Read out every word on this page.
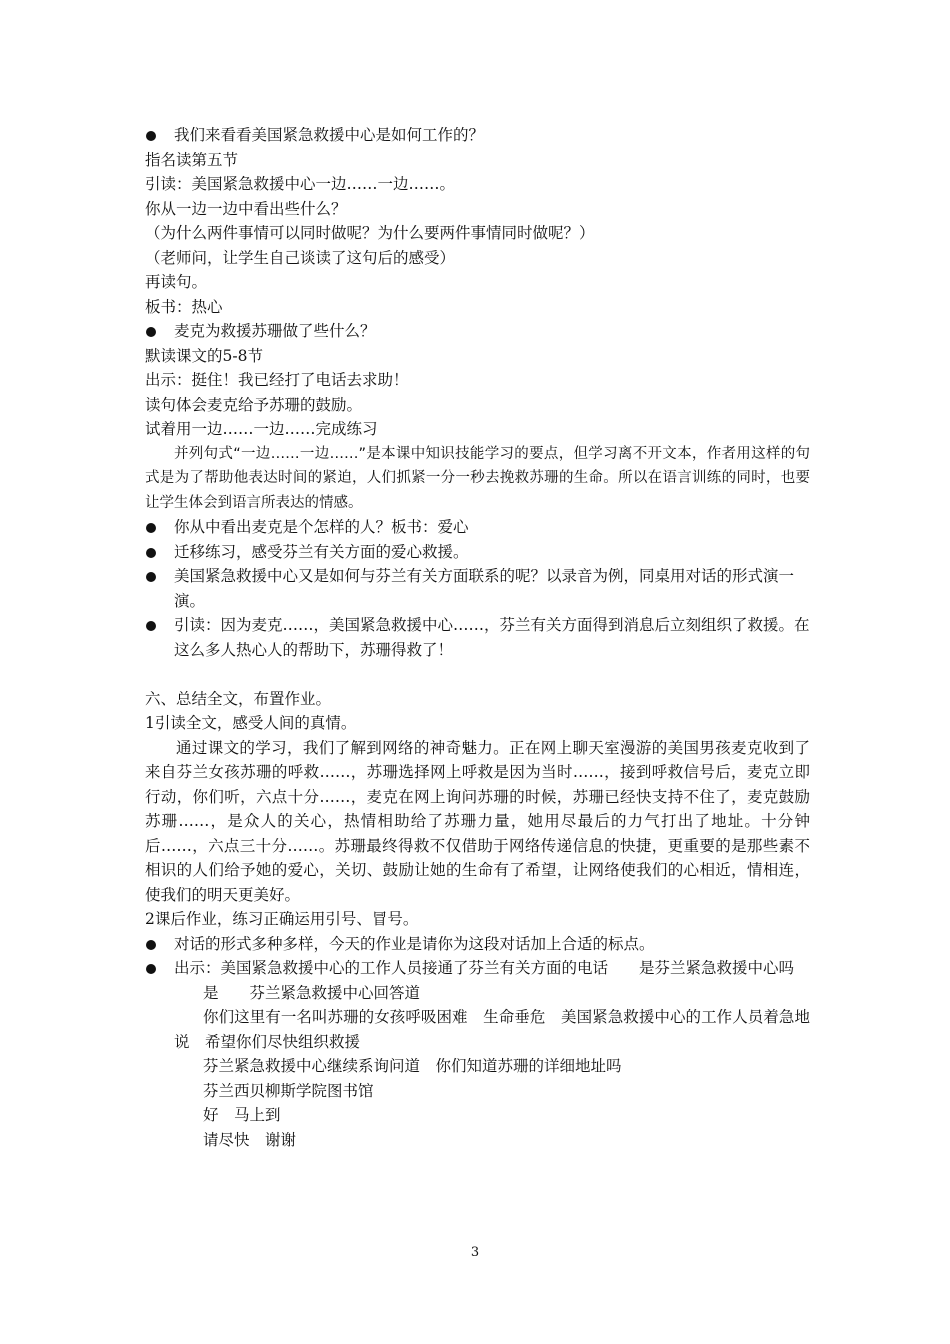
我们来看看美国紧急救援中心是如何工作的？

指名读第五节

引读：美国紧急救援中心一边……一边……。

你从一边一边中看出些什么？

（为什么两件事情可以同时做呢？为什么要两件事情同时做呢？）

（老师问，让学生自己谈读了这句后的感受）

再读句。

板书：热心

麦克为救援苏珊做了些什么？

默读课文的5-8节

出示：挺住！我已经打了电话去求助！

读句体会麦克给予苏珊的鼓励。

试着用一边……一边……完成练习

并列句式“一边……一边……”是本课中知识技能学习的要点，但学习离不开文本，作者用这样的句式是为了帮助他表达时间的紧迫，人们抓紧一分一秒去挽救苏珊的生命。所以在语言训练的同时，也要让学生体会到语言所表达的情感。

你从中看出麦克是个怎样的人？板书：爱心

迁移练习，感受芬兰有关方面的爱心救援。

美国紧急救援中心又是如何与芬兰有关方面联系的呢？以录音为例，同桌用对话的形式演一演。

引读：因为麦克……，美国紧急救援中心……，芬兰有关方面得到消息后立刻组织了救援。在这么多人热心人的帮助下，苏珊得救了！

六、总结全文，布置作业。

1引读全文，感受人间的真情。

通过课文的学习，我们了解到网络的神奇魅力。正在网上聊天室漫游的美国男孩麦克收到了来自芬兰女孩苏珊的呼救……，苏珊选择网上呼救是因为当时……，接到呼救信号后，麦克立即行动，你们听，六点十分……，麦克在网上询问苏珊的时候，苏珊已经快支持不住了，麦克鼓励苏珊……，是众人的关心，热情相助给了苏珊力量，她用尽最后的力气打出了地址。十分钟后……，六点三十分……。苏珊最终得救不仅借助于网络传递信息的快捷，更重要的是那些素不相识的人们给予她的爱心，关切、鼓励让她的生命有了希望，让网络使我们的心相近，情相连，使我们的明天更美好。

2课后作业，练习正确运用引号、冒号。

对话的形式多种多样，今天的作业是请你为这段对话加上合适的标点。

出示：美国紧急救援中心的工作人员接通了芬兰有关方面的电话　　是芬兰紧急救援中心吗

是　　芬兰紧急救援中心回答道

你们这里有一名叫苏珊的女孩呼吸困难　生命垂危　美国紧急救援中心的工作人员着急地说　希望你们尽快组织救援

芬兰紧急救援中心继续系询问道　你们知道苏珊的详细地址吗

芬兰西贝柳斯学院图书馆

好　马上到

请尽快　谢谢

3
